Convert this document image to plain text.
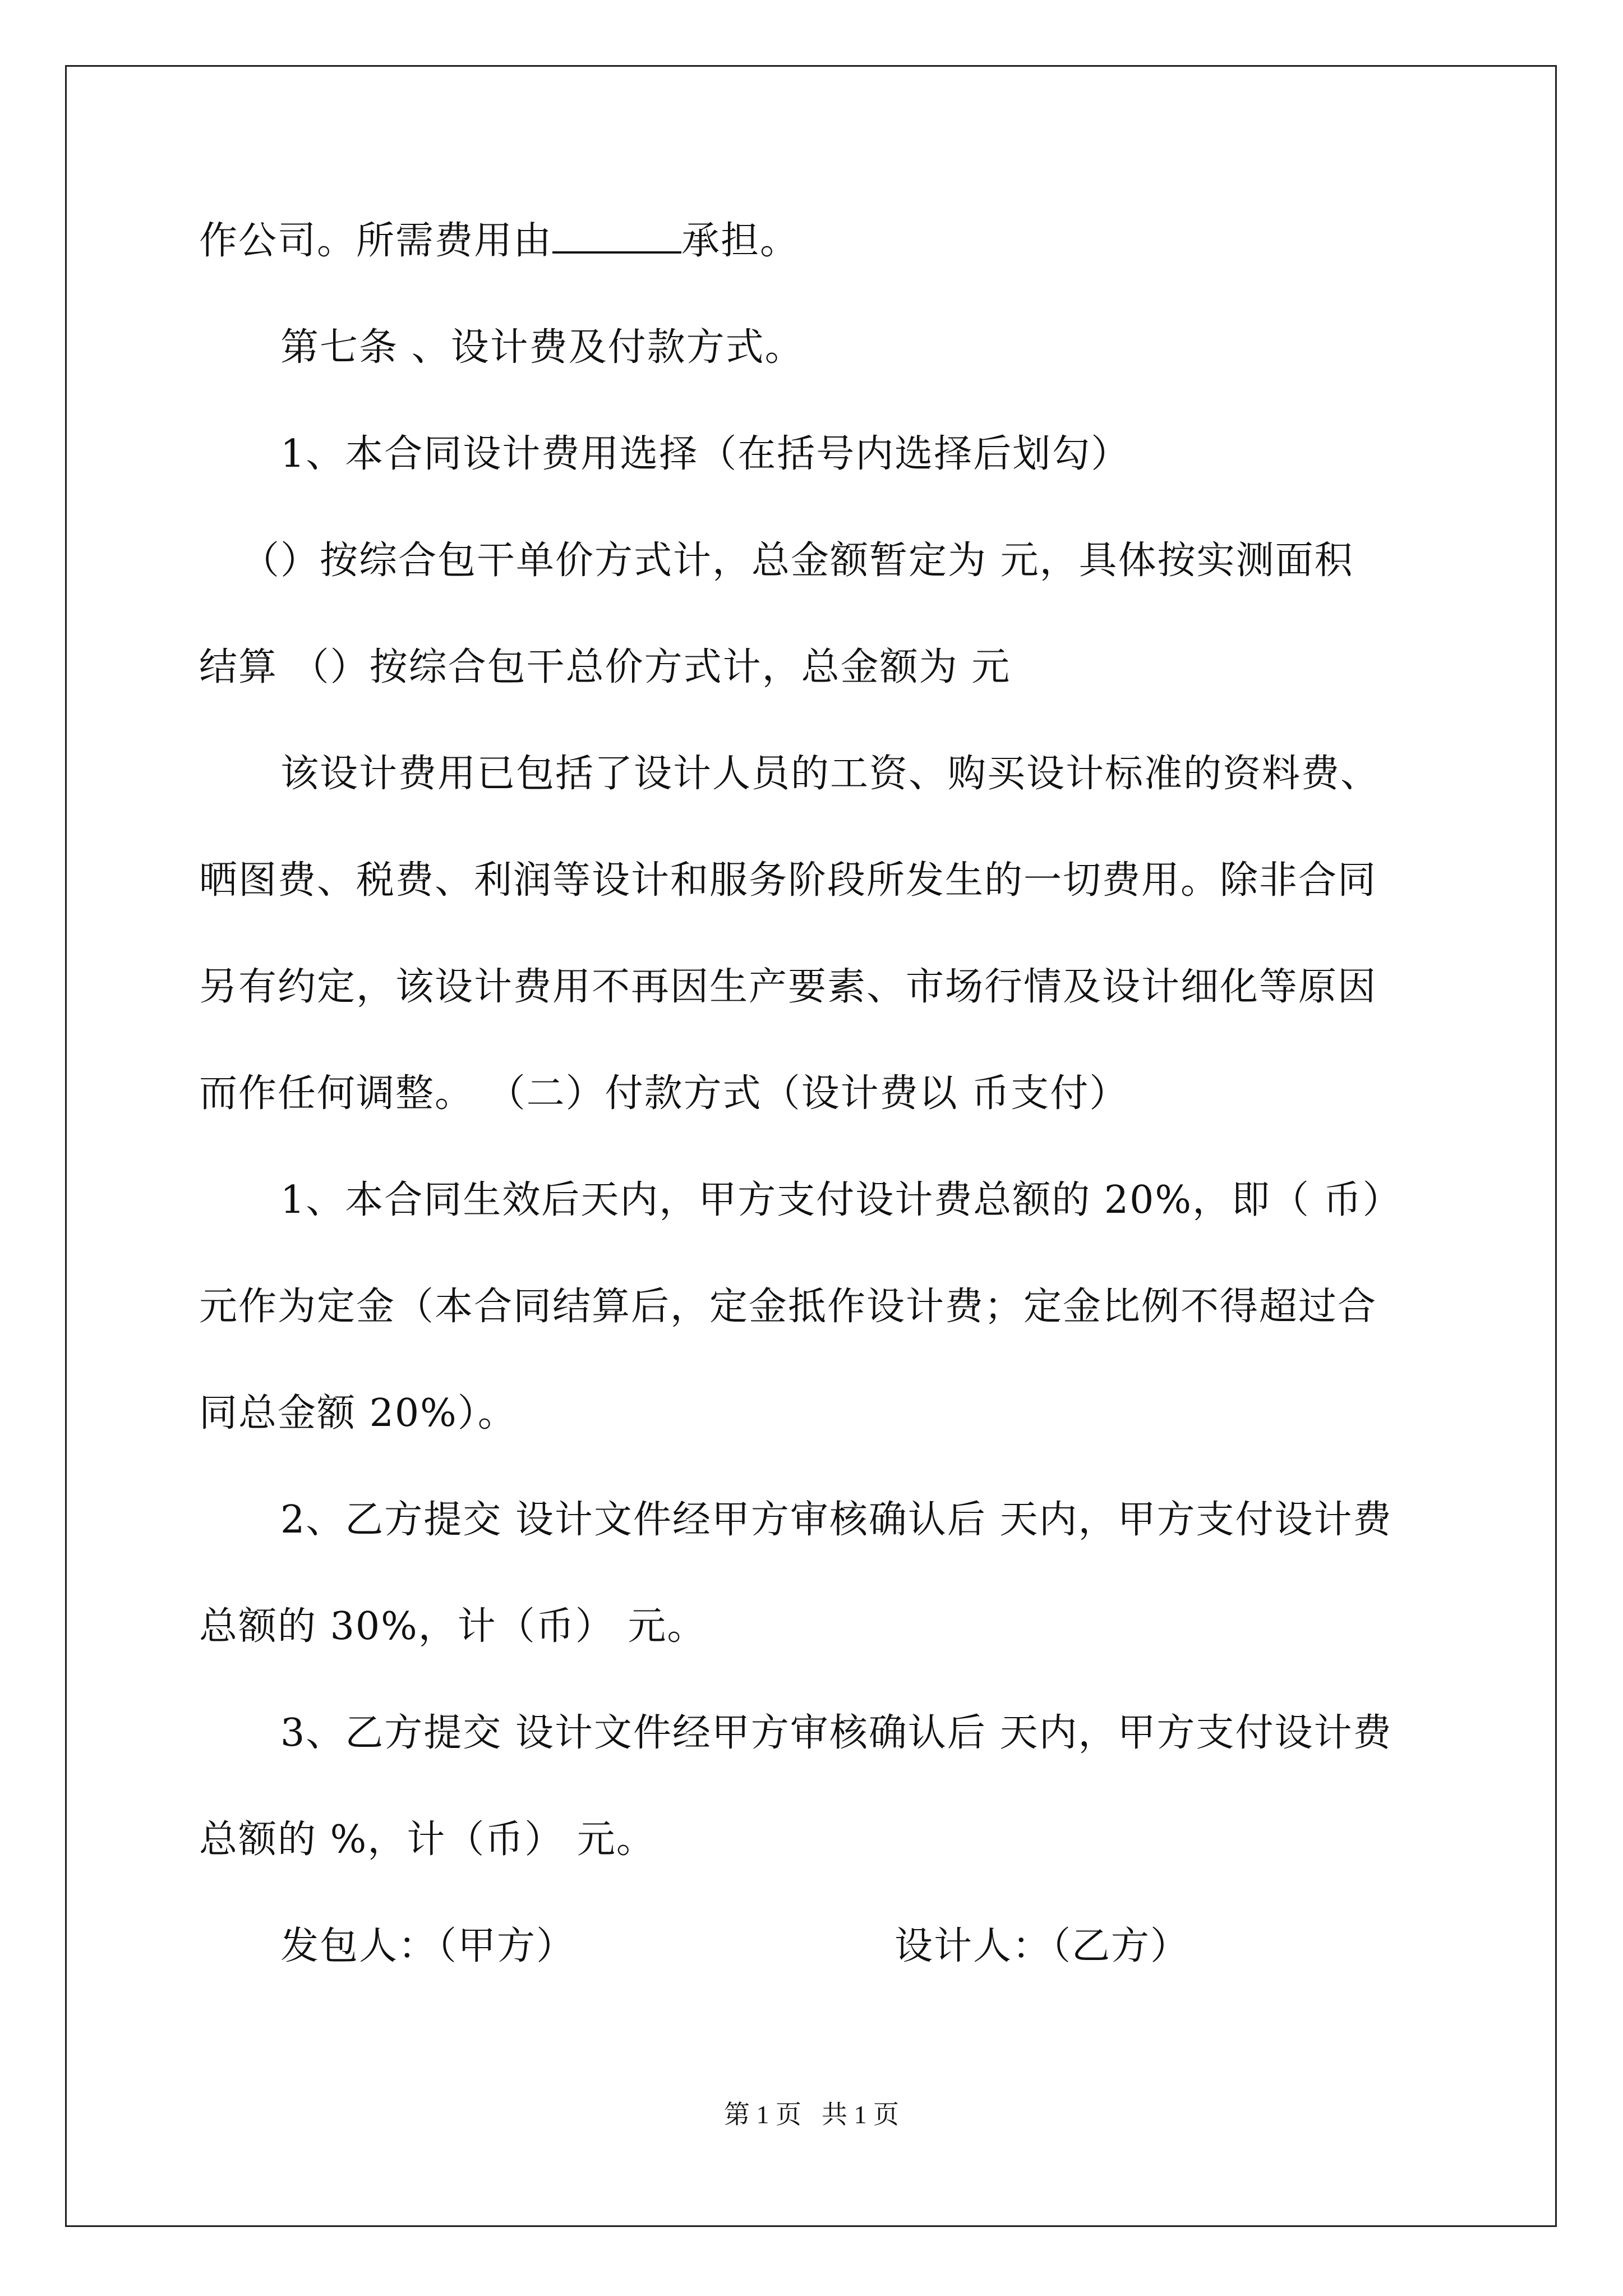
作公司。所需费用由	承担。
第七条 、设计费及付款方式。
1、本合同设计费用选择（在括号内选择后划勾）
（）按综合包干单价方式计，总金额暂定为 元，具体按实测面积
结算 （）按综合包干总价方式计，总金额为 元
该设计费用已包括了设计人员的工资、购买设计标准的资料费、
晒图费、税费、利润等设计和服务阶段所发生的一切费用。除非合同
另有约定，该设计费用不再因生产要素、市场行情及设计细化等原因
而作任何调整。 （二）付款方式（设计费以 币支付）
1、本合同生效后天内，甲方支付设计费总额的 20%，即（ 币）
元作为定金（本合同结算后，定金抵作设计费；定金比例不得超过合
同总金额 20%）。
2、乙方提交 设计文件经甲方审核确认后 天内，甲方支付设计费
总额的 30%，计（币） 元。
3、乙方提交 设计文件经甲方审核确认后 天内，甲方支付设计费
总额的 %，计（币） 元。
发包人：（甲方）	设计人：（乙方）
第 1 页 共 1 页
